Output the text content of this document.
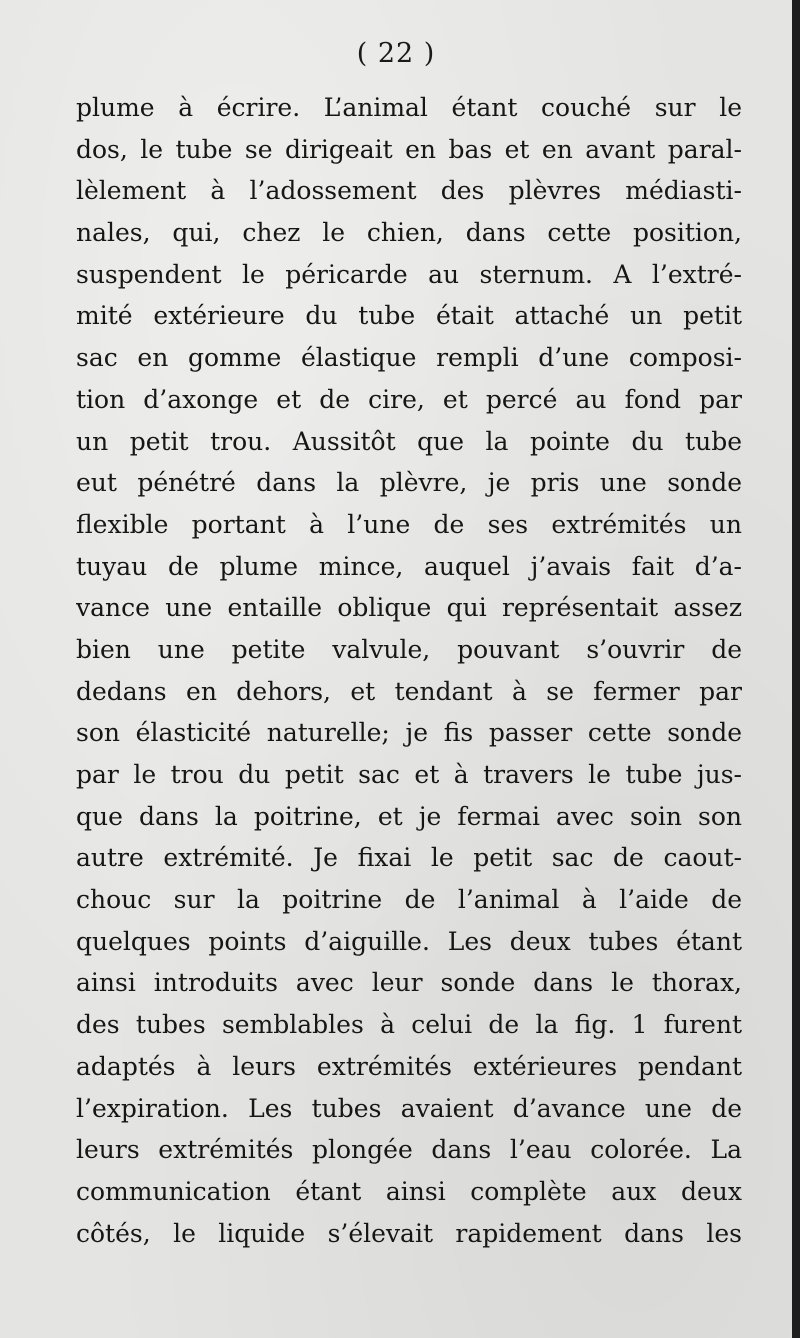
( 22 )

plume à écrire. L’animal étant couché sur le
dos, le tube se dirigeait en bas et en avant paral-
lèlement à l’adossement des plèvres médiasti-
nales, qui, chez le chien, dans cette position,
suspendent le péricarde au sternum. A l’extré-
mité extérieure du tube était attaché un petit
sac en gomme élastique rempli d’une composi-
tion d’axonge et de cire, et percé au fond par
un petit trou. Aussitôt que la pointe du tube
eut pénétré dans la plèvre, je pris une sonde
flexible portant à l’une de ses extrémités un
tuyau de plume mince, auquel j’avais fait d’a-
vance une entaille oblique qui représentait assez
bien une petite valvule, pouvant s’ouvrir de
dedans en dehors, et tendant à se fermer par
son élasticité naturelle; je fis passer cette sonde
par le trou du petit sac et à travers le tube jus-
que dans la poitrine, et je fermai avec soin son
autre extrémité. Je fixai le petit sac de caout-
chouc sur la poitrine de l’animal à l’aide de
quelques points d’aiguille. Les deux tubes étant
ainsi introduits avec leur sonde dans le thorax,
des tubes semblables à celui de la fig. 1 furent
adaptés à leurs extrémités extérieures pendant
l’expiration. Les tubes avaient d’avance une de
leurs extrémités plongée dans l’eau colorée. La
communication étant ainsi complète aux deux
côtés, le liquide s’élevait rapidement dans les
